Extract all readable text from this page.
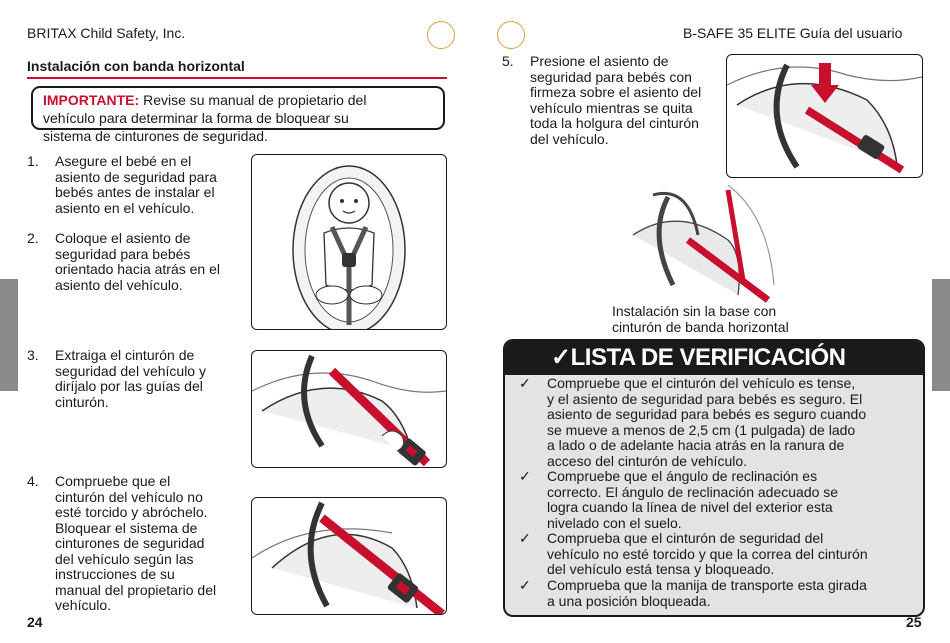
BRITAX Child Safety, Inc.
Instalación con banda horizontal
IMPORTANTE: Revise su manual de propietario del
vehículo para determinar la forma de bloquear su
sistema de cinturones de seguridad.
1. Asegure el bebé en el
asiento de seguridad para
bebés antes de instalar el
asiento en el vehículo.
2. Coloque el asiento de
seguridad para bebés
orientado hacia atrás en el
asiento del vehículo.
3. Extraiga el cinturón de
seguridad del vehículo y
diríjalo por las guías del
cinturón.
4. Compruebe que el
cinturón del vehículo no
esté torcido y abróchelo.
Bloquear el sistema de
cinturones de seguridad
del vehículo según las
instrucciones de su
manual del propietario del
vehículo.
24
B-SAFE 35 ELITE Guía del usuario
5. Presione el asiento de
seguridad para bebés con
firmeza sobre el asiento del
vehículo mientras se quita
toda la holgura del cinturón
del vehículo.
Instalación sin la base con
cinturón de banda horizontal
✓LISTA DE VERIFICACIÓN
✓ Compruebe que el cinturón del vehículo es tense,
y el asiento de seguridad para bebés es seguro. El
asiento de seguridad para bebés es seguro cuando
se mueve a menos de 2,5 cm (1 pulgada) de lado
a lado o de adelante hacia atrás en la ranura de
acceso del cinturón de vehículo.
✓ Compruebe que el ángulo de reclinación es
correcto. El ángulo de reclinación adecuado se
logra cuando la línea de nivel del exterior esta
nivelado con el suelo.
✓ Comprueba que el cinturón de seguridad del
vehículo no esté torcido y que la correa del cinturón
del vehículo está tensa y bloqueado.
✓ Comprueba que la manija de transporte esta girada
a una posición bloqueada.
25
